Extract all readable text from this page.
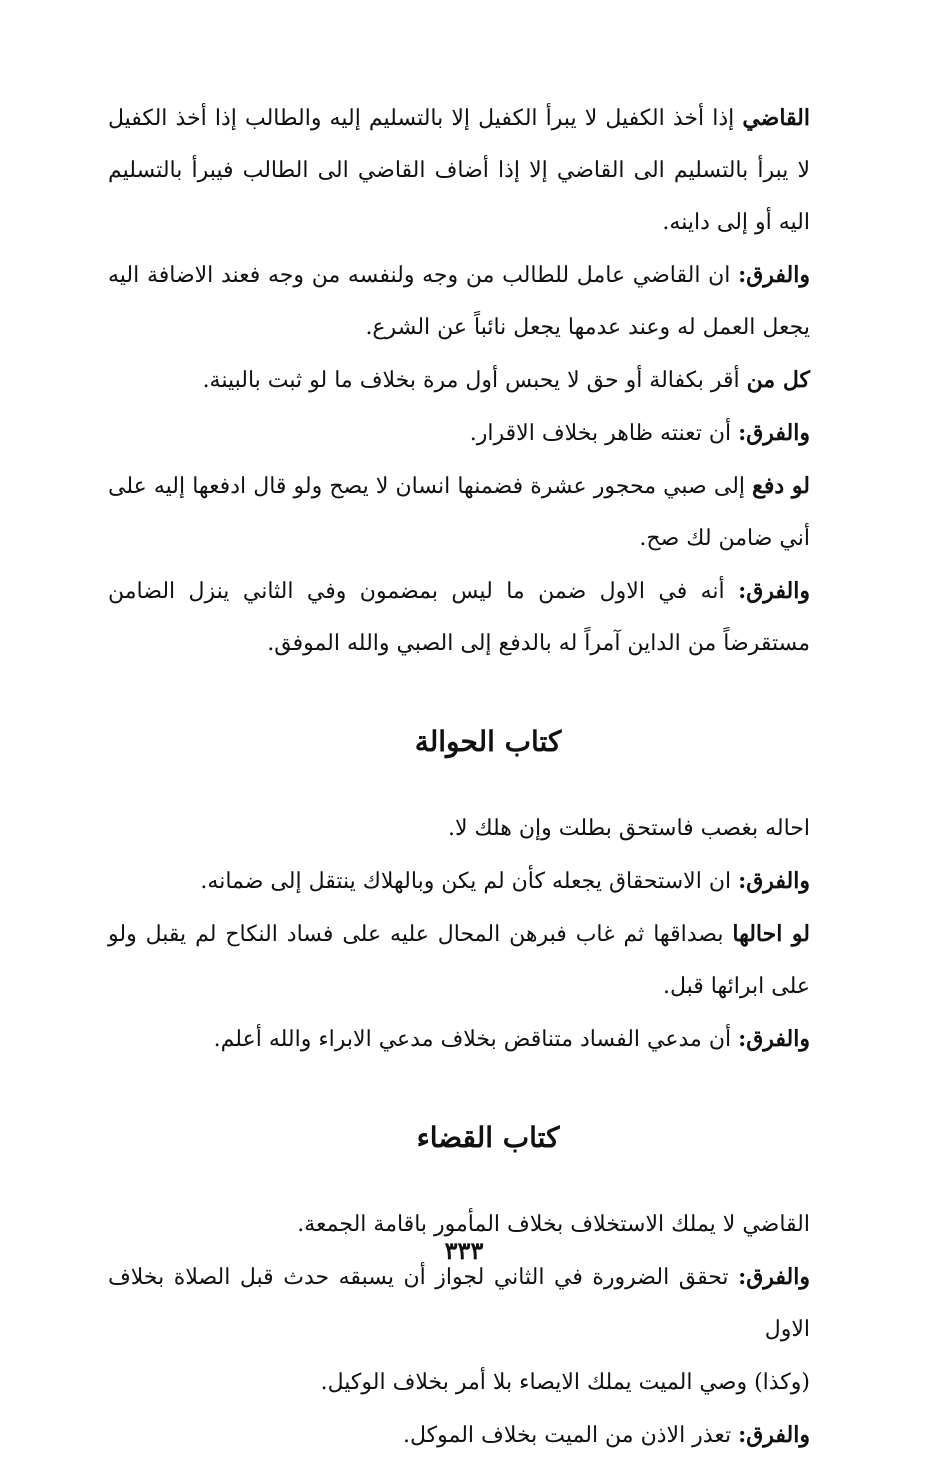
القاضي إذا أخذ الكفيل لا يبرأ الكفيل إلا بالتسليم إليه والطالب إذا أخذ الكفيل لا يبرأ بالتسليم الى القاضي إلا إذا أضاف القاضي الى الطالب فيبرأ بالتسليم اليه أو إلى داينه.

والفرق: ان القاضي عامل للطالب من وجه ولنفسه من وجه فعند الاضافة اليه يجعل العمل له وعند عدمها يجعل نائباً عن الشرع.

كل من أقر بكفالة أو حق لا يحبس أول مرة بخلاف ما لو ثبت بالبينة.

والفرق: أن تعنته ظاهر بخلاف الاقرار.

لو دفع إلى صبي محجور عشرة فضمنها انسان لا يصح ولو قال ادفعها إليه على أني ضامن لك صح.

والفرق: أنه في الاول ضمن ما ليس بمضمون وفي الثاني ينزل الضامن مستقرضاً من الداين آمراً له بالدفع إلى الصبي والله الموفق.

كتاب الحوالة

احاله بغصب فاستحق بطلت وإن هلك لا.

والفرق: ان الاستحقاق يجعله كأن لم يكن وبالهلاك ينتقل إلى ضمانه.

لو احالها بصداقها ثم غاب فبرهن المحال عليه على فساد النكاح لم يقبل ولو على ابرائها قبل.

والفرق: أن مدعي الفساد متناقض بخلاف مدعي الابراء والله أعلم.

كتاب القضاء

القاضي لا يملك الاستخلاف بخلاف المأمور باقامة الجمعة.

والفرق: تحقق الضرورة في الثاني لجواز أن يسبقه حدث قبل الصلاة بخلاف الاول

(وكذا) وصي الميت يملك الايصاء بلا أمر بخلاف الوكيل.

والفرق: تعذر الاذن من الميت بخلاف الموكل.

٣٣٣
